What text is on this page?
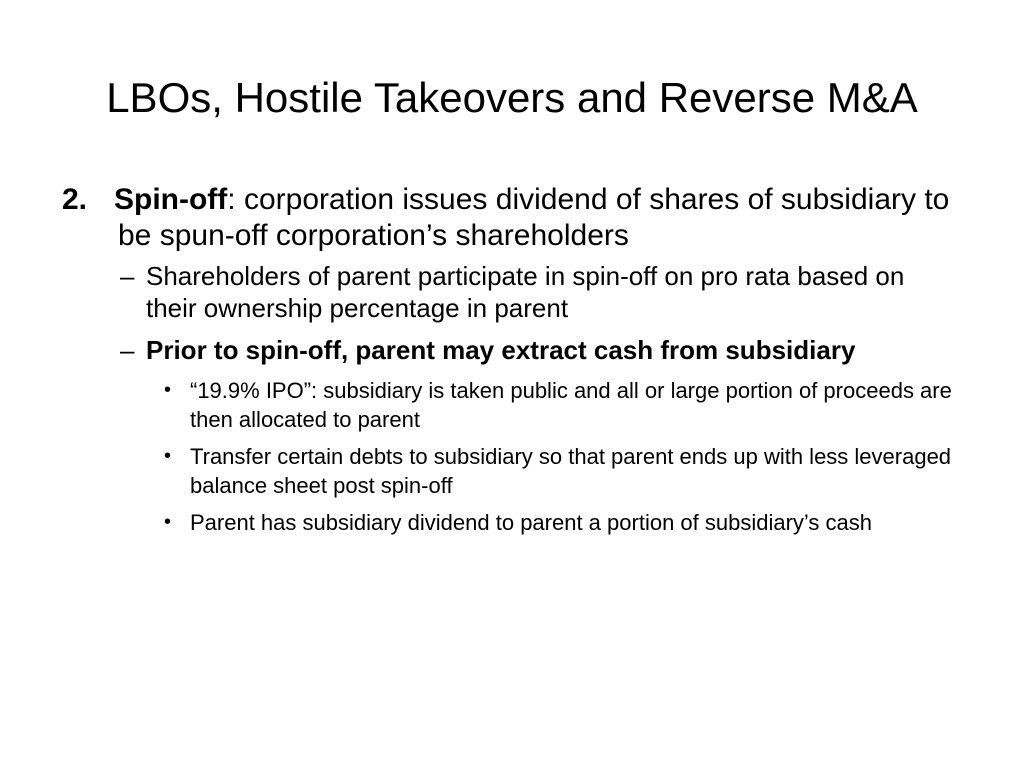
LBOs, Hostile Takeovers and Reverse M&A

2. Spin-off: corporation issues dividend of shares of subsidiary to be spun-off corporation’s shareholders

– Shareholders of parent participate in spin-off on pro rata based on their ownership percentage in parent
– Prior to spin-off, parent may extract cash from subsidiary
• “19.9% IPO”: subsidiary is taken public and all or large portion of proceeds are then allocated to parent
• Transfer certain debts to subsidiary so that parent ends up with less leveraged balance sheet post spin-off
• Parent has subsidiary dividend to parent a portion of subsidiary’s cash
